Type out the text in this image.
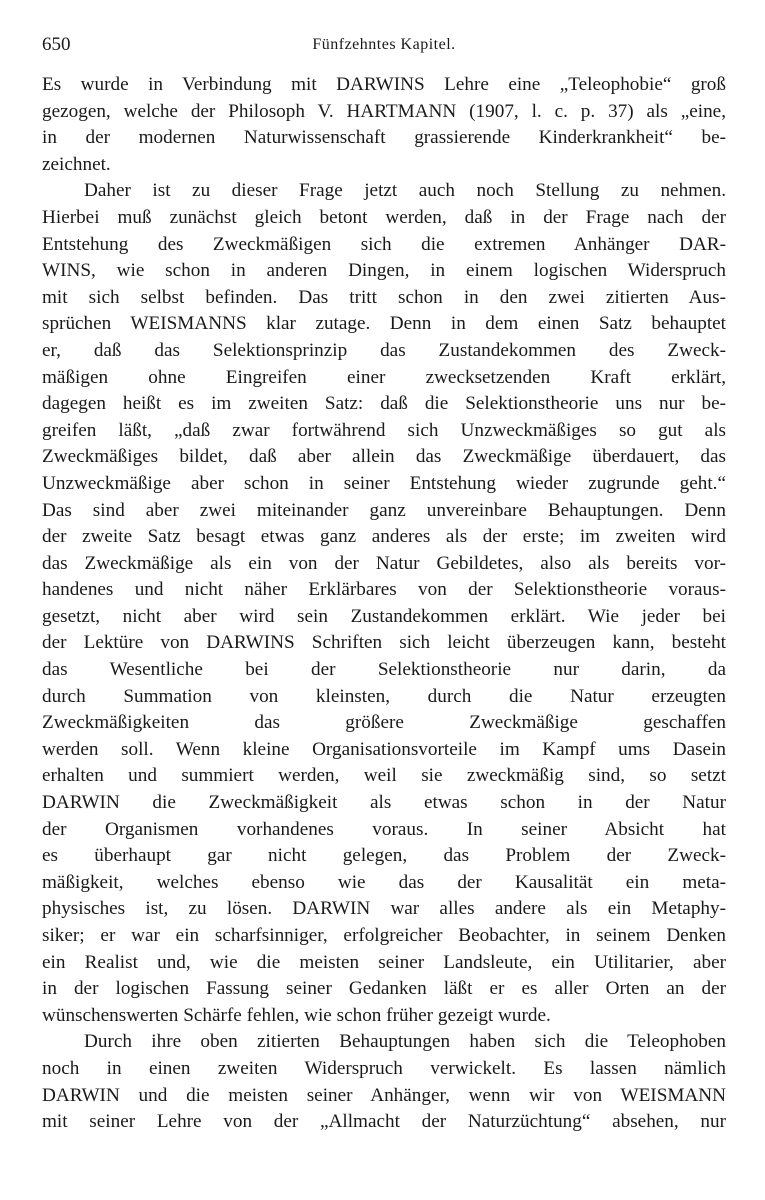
650	Fünfzehntes Kapitel.

Es wurde in Verbindung mit DARWINS Lehre eine „Teleophobie“ groß
gezogen, welche der Philosoph V. HARTMANN (1907, l. c. p. 37) als „eine,
in der modernen Naturwissenschaft grassierende Kinderkrankheit“ be-
zeichnet.

Daher ist zu dieser Frage jetzt auch noch Stellung zu nehmen.
Hierbei muß zunächst gleich betont werden, daß in der Frage nach der
Entstehung des Zweckmäßigen sich die extremen Anhänger DAR-
WINS, wie schon in anderen Dingen, in einem logischen Widerspruch
mit sich selbst befinden. Das tritt schon in den zwei zitierten Aus-
sprüchen WEISMANNS klar zutage. Denn in dem einen Satz behauptet
er, daß das Selektionsprinzip das Zustandekommen des Zweck-
mäßigen ohne Eingreifen einer zwecksetzenden Kraft erklärt,
dagegen heißt es im zweiten Satz: daß die Selektionstheorie uns nur be-
greifen läßt, „daß zwar fortwährend sich Unzweckmäßiges so gut als
Zweckmäßiges bildet, daß aber allein das Zweckmäßige überdauert, das
Unzweckmäßige aber schon in seiner Entstehung wieder zugrunde geht.“
Das sind aber zwei miteinander ganz unvereinbare Behauptungen. Denn
der zweite Satz besagt etwas ganz anderes als der erste; im zweiten wird
das Zweckmäßige als ein von der Natur Gebildetes, also als bereits vor-
handenes und nicht näher Erklärbares von der Selektionstheorie voraus-
gesetzt, nicht aber wird sein Zustandekommen erklärt. Wie jeder bei
der Lektüre von DARWINS Schriften sich leicht überzeugen kann, besteht
das Wesentliche bei der Selektionstheorie nur darin, da
durch Summation von kleinsten, durch die Natur erzeugten
Zweckmäßigkeiten das größere Zweckmäßige geschaffen
werden soll. Wenn kleine Organisationsvorteile im Kampf ums Dasein
erhalten und summiert werden, weil sie zweckmäßig sind, so setzt
DARWIN die Zweckmäßigkeit als etwas schon in der Natur
der Organismen vorhandenes voraus. In seiner Absicht hat
es überhaupt gar nicht gelegen, das Problem der Zweck-
mäßigkeit, welches ebenso wie das der Kausalität ein meta-
physisches ist, zu lösen. DARWIN war alles andere als ein Metaphy-
siker; er war ein scharfsinniger, erfolgreicher Beobachter, in seinem Denken
ein Realist und, wie die meisten seiner Landsleute, ein Utilitarier, aber
in der logischen Fassung seiner Gedanken läßt er es aller Orten an der
wünschenswerten Schärfe fehlen, wie schon früher gezeigt wurde.

Durch ihre oben zitierten Behauptungen haben sich die Teleophoben
noch in einen zweiten Widerspruch verwickelt. Es lassen nämlich
DARWIN und die meisten seiner Anhänger, wenn wir von WEISMANN
mit seiner Lehre von der „Allmacht der Naturzüchtung“ absehen, nur
